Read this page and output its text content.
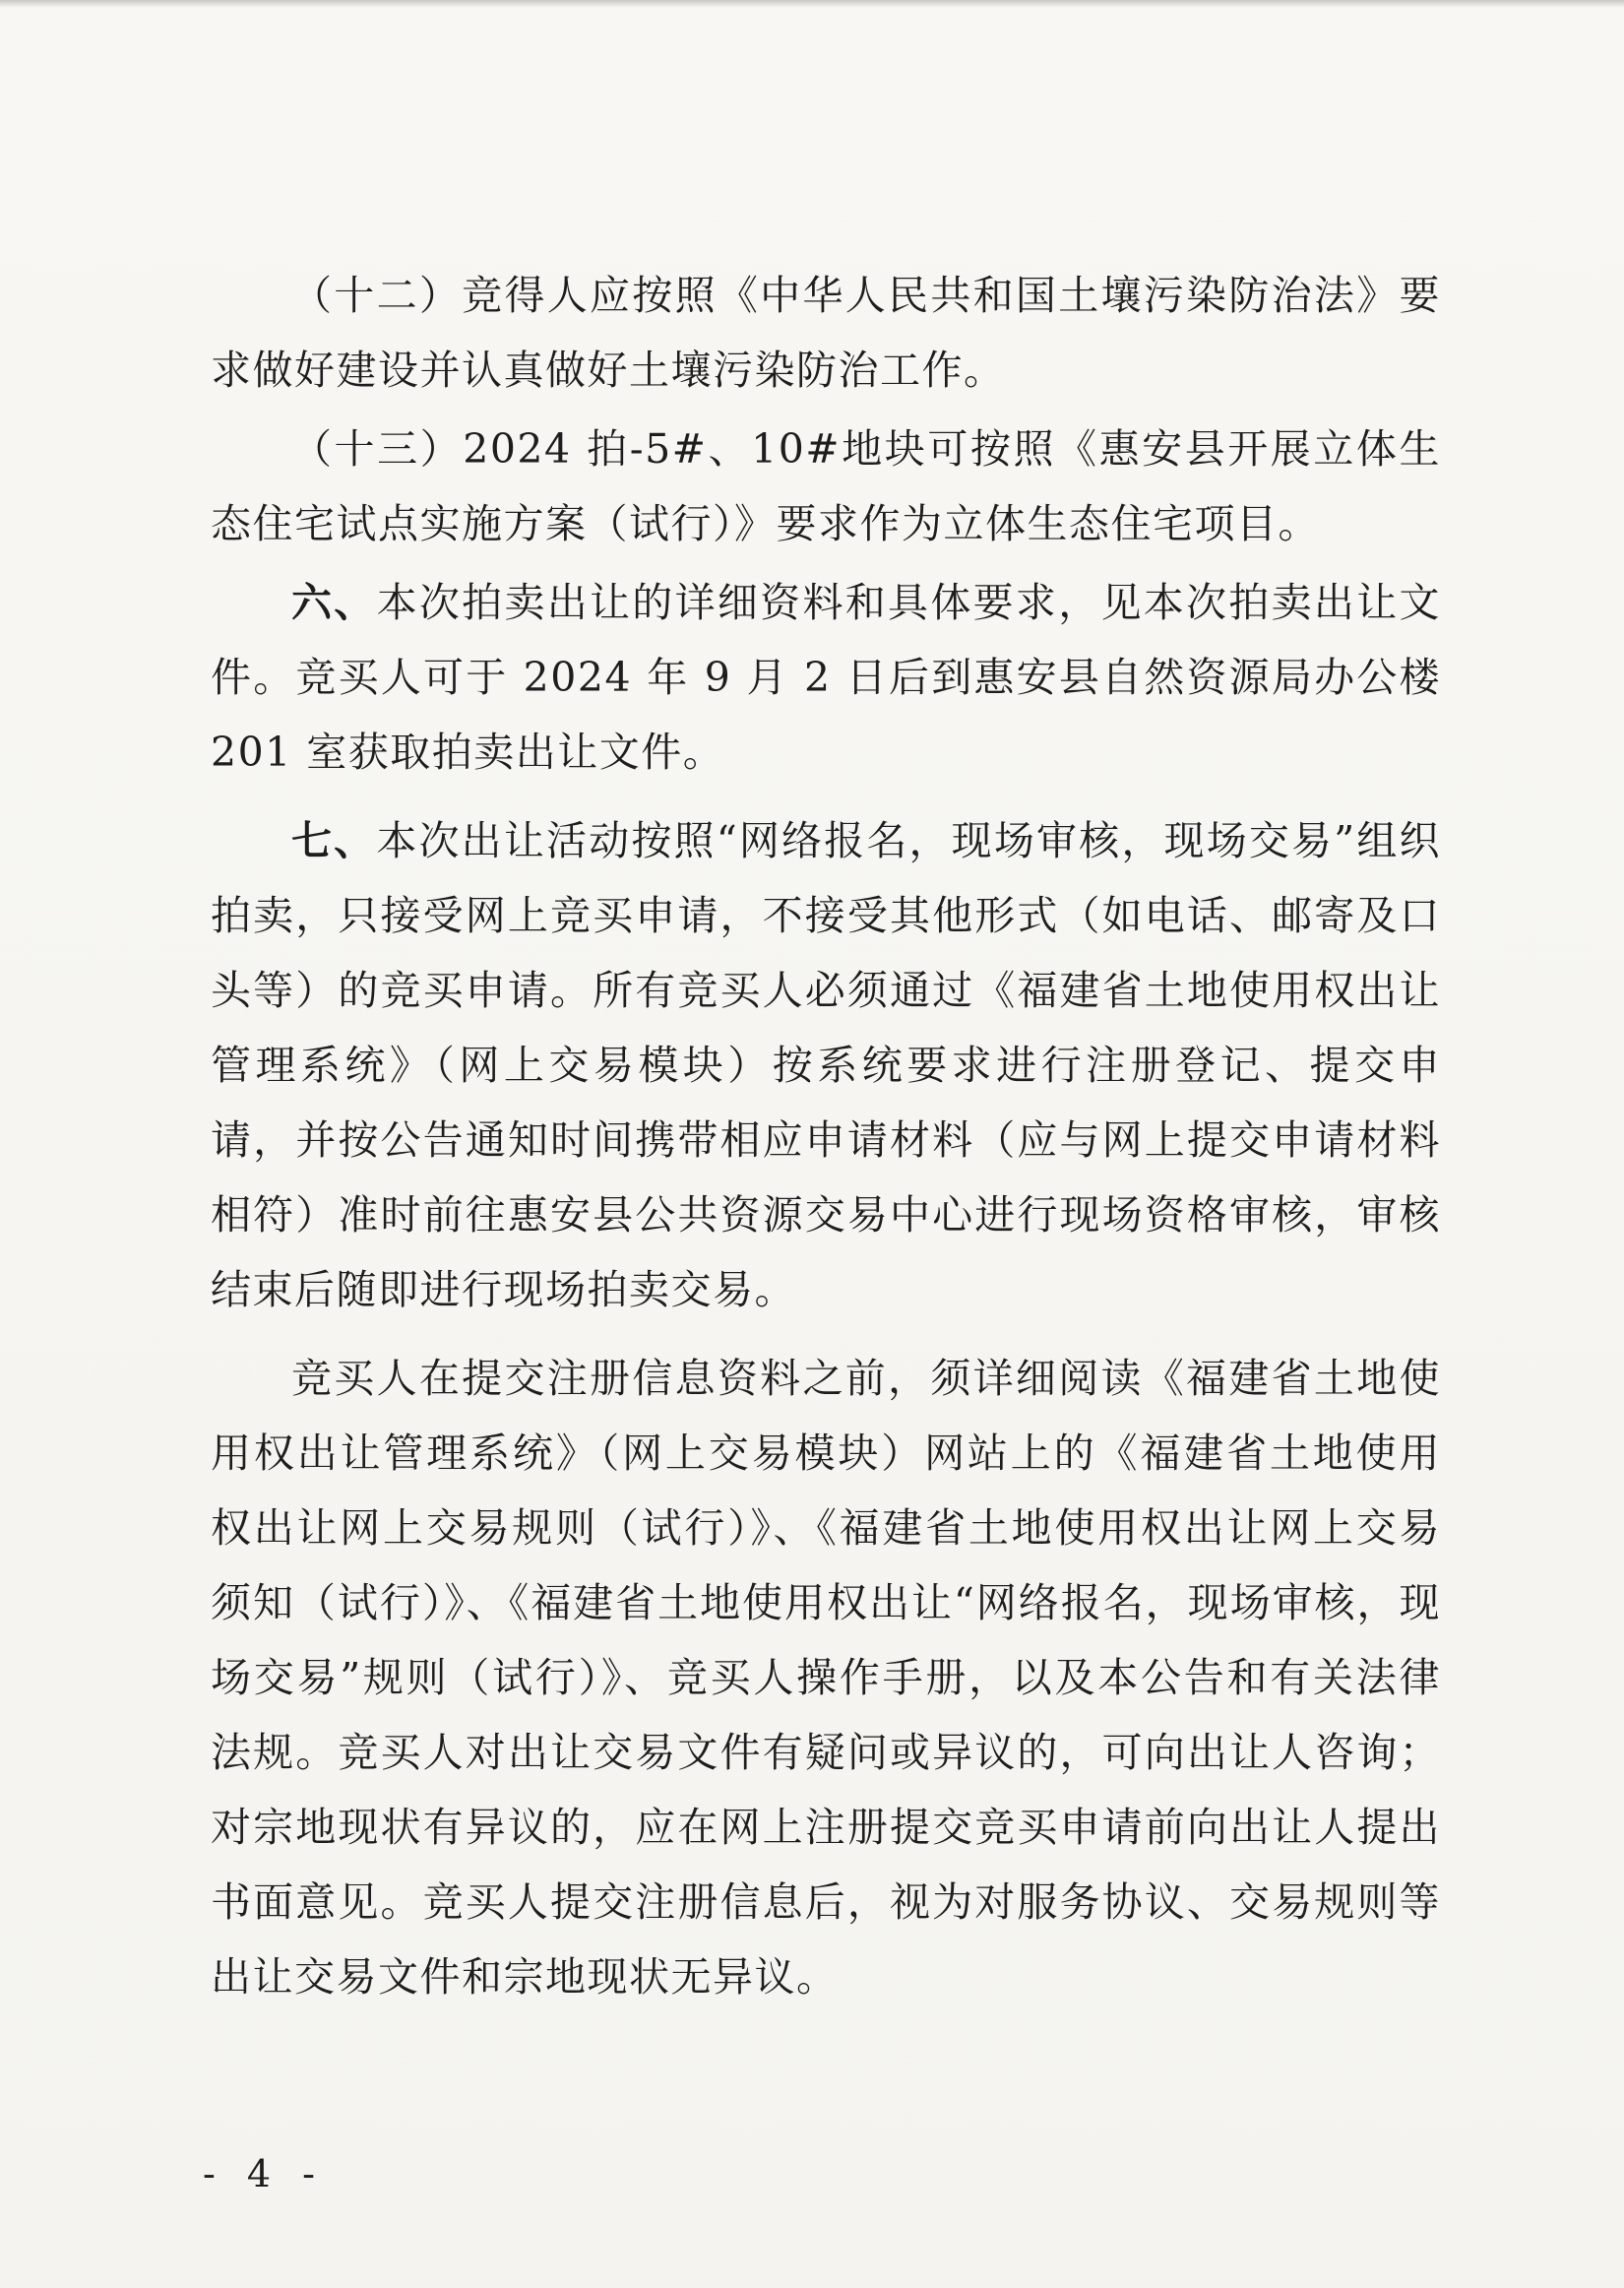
（十二）竞得人应按照《中华人民共和国土壤污染防治法》要求做好建设并认真做好土壤污染防治工作。

（十三）2024 拍-5#、10#地块可按照《惠安县开展立体生态住宅试点实施方案（试行）》要求作为立体生态住宅项目。

六、本次拍卖出让的详细资料和具体要求，见本次拍卖出让文件。竞买人可于 2024 年 9 月 2 日后到惠安县自然资源局办公楼 201 室获取拍卖出让文件。

七、本次出让活动按照“网络报名，现场审核，现场交易”组织拍卖，只接受网上竞买申请，不接受其他形式（如电话、邮寄及口头等）的竞买申请。所有竞买人必须通过《福建省土地使用权出让管理系统》（网上交易模块）按系统要求进行注册登记、提交申请，并按公告通知时间携带相应申请材料（应与网上提交申请材料相符）准时前往惠安县公共资源交易中心进行现场资格审核，审核结束后随即进行现场拍卖交易。

竞买人在提交注册信息资料之前，须详细阅读《福建省土地使用权出让管理系统》（网上交易模块）网站上的《福建省土地使用权出让网上交易规则（试行）》、《福建省土地使用权出让网上交易须知（试行）》、《福建省土地使用权出让“网络报名，现场审核，现场交易”规则（试行）》、竞买人操作手册，以及本公告和有关法律法规。竞买人对出让交易文件有疑问或异议的，可向出让人咨询；对宗地现状有异议的，应在网上注册提交竞买申请前向出让人提出书面意见。竞买人提交注册信息后，视为对服务协议、交易规则等出让交易文件和宗地现状无异议。

- 4 -
